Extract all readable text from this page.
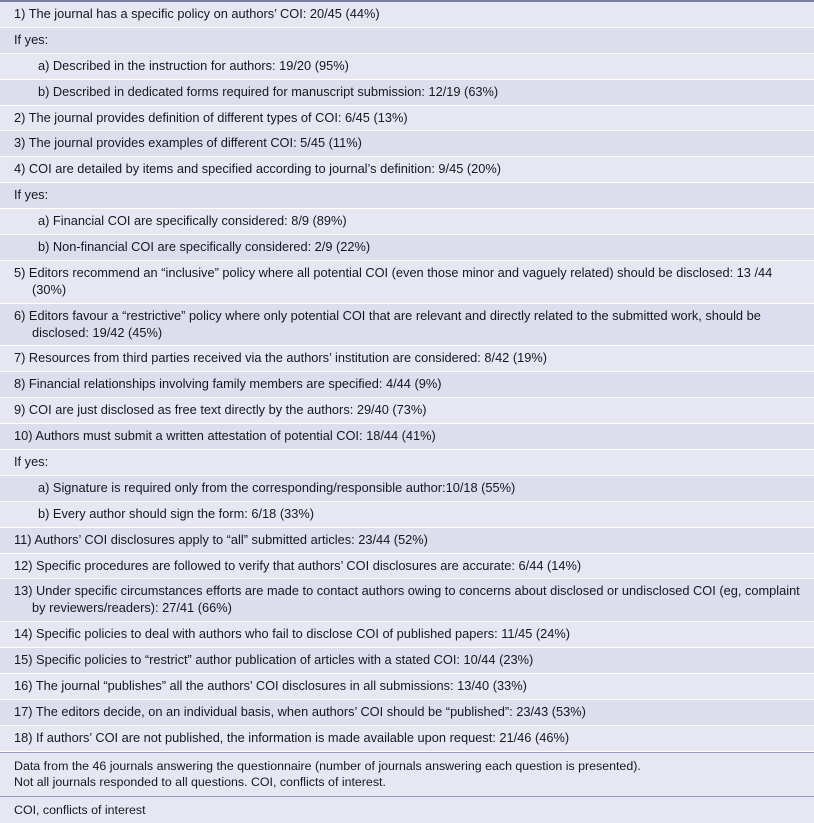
1) The journal has a specific policy on authors’ COI: 20/45 (44%)
If yes:
a) Described in the instruction for authors: 19/20 (95%)
b) Described in dedicated forms required for manuscript submission: 12/19 (63%)
2) The journal provides definition of different types of COI: 6/45 (13%)
3) The journal provides examples of different COI: 5/45 (11%)
4) COI are detailed by items and specified according to journal’s definition: 9/45 (20%)
If yes:
a) Financial COI are specifically considered: 8/9 (89%)
b) Non-financial COI are specifically considered: 2/9 (22%)
5) Editors recommend an “inclusive” policy where all potential COI (even those minor and vaguely related) should be disclosed: 13 /44 (30%)
6) Editors favour a “restrictive” policy where only potential COI that are relevant and directly related to the submitted work, should be disclosed: 19/42 (45%)
7) Resources from third parties received via the authors’ institution are considered: 8/42 (19%)
8) Financial relationships involving family members are specified: 4/44 (9%)
9) COI are just disclosed as free text directly by the authors: 29/40 (73%)
10) Authors must submit a written attestation of potential COI: 18/44 (41%)
If yes:
a) Signature is required only from the corresponding/responsible author:10/18 (55%)
b) Every author should sign the form: 6/18 (33%)
11) Authors’ COI disclosures apply to “all” submitted articles: 23/44 (52%)
12) Specific procedures are followed to verify that authors’ COI disclosures are accurate: 6/44 (14%)
13) Under specific circumstances efforts are made to contact authors owing to concerns about disclosed or undisclosed COI (eg, complaint by reviewers/readers): 27/41 (66%)
14) Specific policies to deal with authors who fail to disclose COI of published papers: 11/45 (24%)
15) Specific policies to “restrict” author publication of articles with a stated COI: 10/44 (23%)
16) The journal “publishes” all the authors’ COI disclosures in all submissions: 13/40 (33%)
17) The editors decide, on an individual basis, when authors’ COI should be “published”: 23/43 (53%)
18) If authors’ COI are not published, the information is made available upon request: 21/46 (46%)
Data from the 46 journals answering the questionnaire (number of journals answering each question is presented).
Not all journals responded to all questions. COI, conflicts of interest.
COI, conflicts of interest
